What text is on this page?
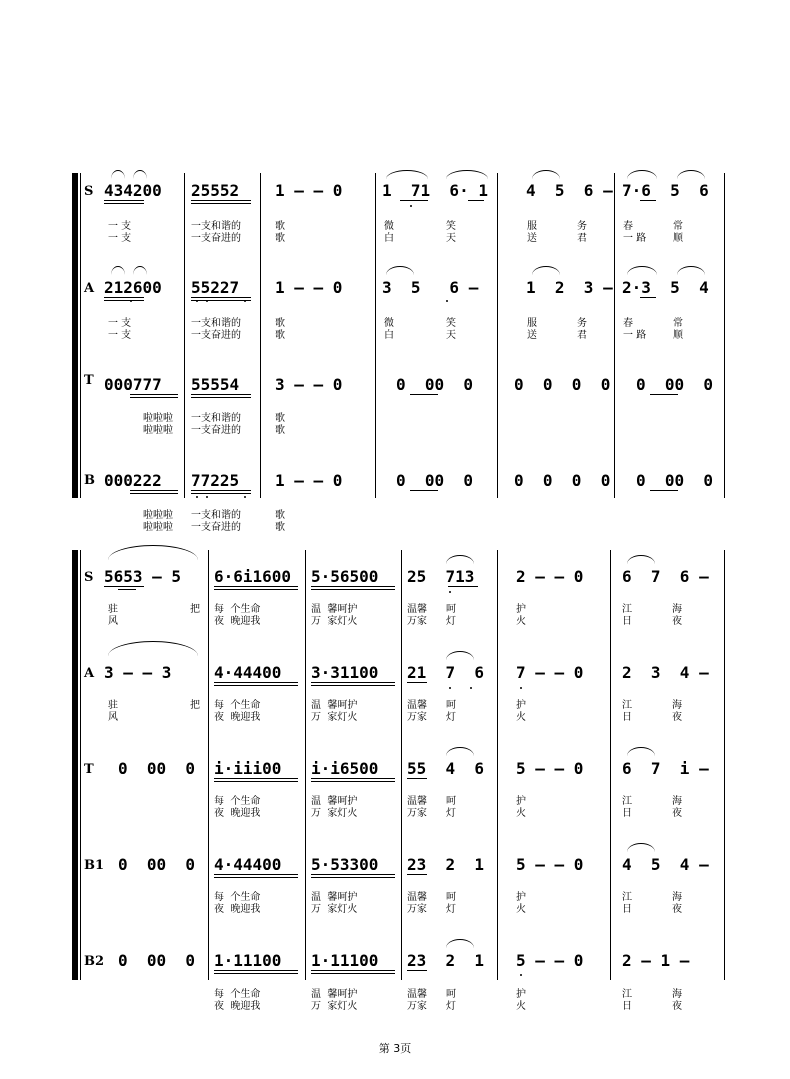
S 434200 25552 1 — — 0 1  71  6· 1 4  5  6 — 7·6  5  6
一 支	一支和谐的	歌	微	笑	服	务	春	常
一 支	一支奋进的	歌	白	天	送	君	一 路	顺
A 212600 55227 1 — — 0 3  5   6 —	1  2  3 — 2·3  5  4
一 支	一支和谐的	歌	微	笑	服	务	春	常
一 支	一支奋进的	歌	白	天	送	君	一 路	顺
T 000777 55554 3 — — 0	0  00  0	0  0  0  0 0  00  0
啦啦啦 一支和谐的	歌
啦啦啦 一支奋进的	歌
B 000222 77225 1 — — 0	0  00  0	0  0  0  0 0  00  0
啦啦啦 一支和谐的	歌
啦啦啦 一支奋进的	歌
S 5653 — 5 6·6i1600 5·56500 25  713	2 — — 0 6  7  6 —
驻	把 每  个生命	温  馨呵护	温馨 呵	护	江	海
风	夜  晚迎我	万  家灯火	万家 灯	火	日	夜
A 3 — — 3	4·44400 3·31100 21  7  6 7 — — 0 2  3  4 —
驻	把 每  个生命	温  馨呵护	温馨 呵	护	江	海
风	夜  晚迎我	万  家灯火	万家 灯	火	日	夜
T 0  00  0 i·iii00 i·i6500 55  4  6 5 — — 0 6  7  i —
每  个生命	温  馨呵护	温馨 呵	护	江	海
夜  晚迎我	万  家灯火	万家 灯	火	日	夜
B1 0  00  0 4·44400 5·53300 23  2  1 5 — — 0 4  5  4 —
每  个生命	温  馨呵护	温馨 呵	护	江	海
夜  晚迎我	万  家灯火	万家 灯	火	日	夜
B2 0  00  0 1·11100 1·11100 23  2  1 5 — — 0 2 — 1 —
每  个生命	温  馨呵护	温馨 呵	护	江	海
夜  晚迎我	万  家灯火	万家 灯	火	日	夜
第 3页
